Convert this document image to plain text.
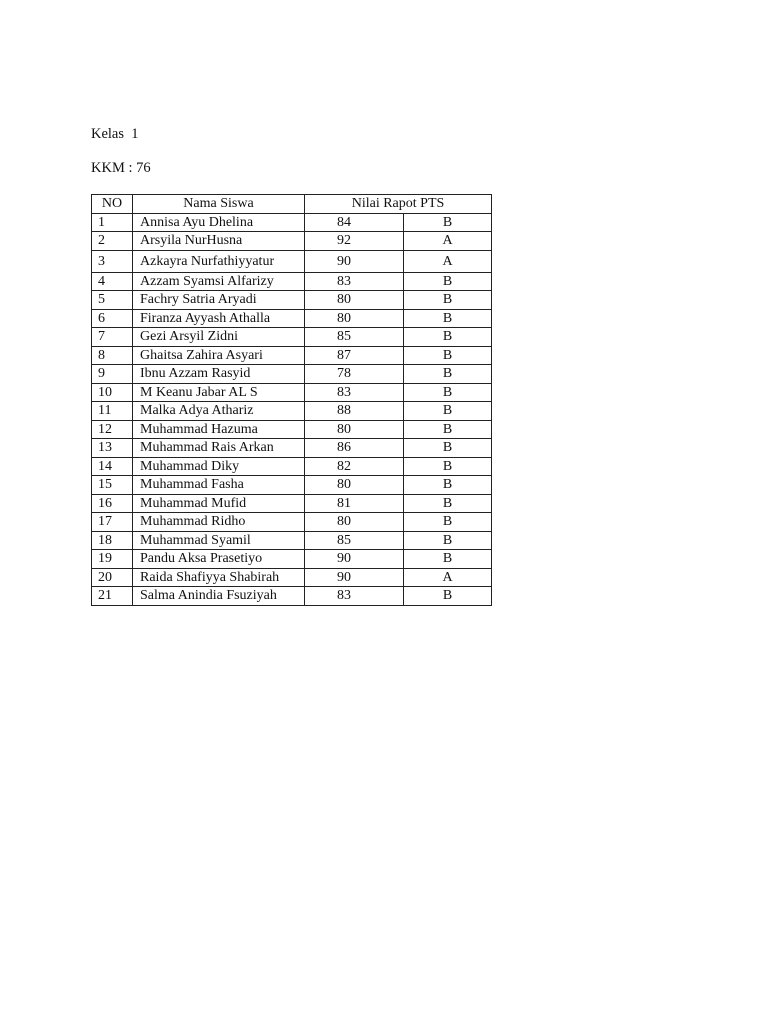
Kelas  1
KKM : 76
NO	Nama Siswa	Nilai Rapot PTS	
1	Annisa Ayu Dhelina	84	B
2	Arsyila NurHusna	92	A
3	Azkayra Nurfathiyyatur	90	A
4	Azzam Syamsi Alfarizy	83	B
5	Fachry Satria Aryadi	80	B
6	Firanza Ayyash Athalla	80	B
7	Gezi Arsyil Zidni	85	B
8	Ghaitsa Zahira Asyari	87	B
9	Ibnu Azzam Rasyid	78	B
10	M Keanu Jabar AL S	83	B
11	Malka Adya Athariz	88	B
12	Muhammad Hazuma	80	B
13	Muhammad Rais Arkan	86	B
14	Muhammad Diky	82	B
15	Muhammad Fasha	80	B
16	Muhammad Mufid	81	B
17	Muhammad Ridho	80	B
18	Muhammad Syamil	85	B
19	Pandu Aksa Prasetiyo	90	B
20	Raida Shafiyya Shabirah	90	A
21	Salma Anindia Fsuziyah	83	B
